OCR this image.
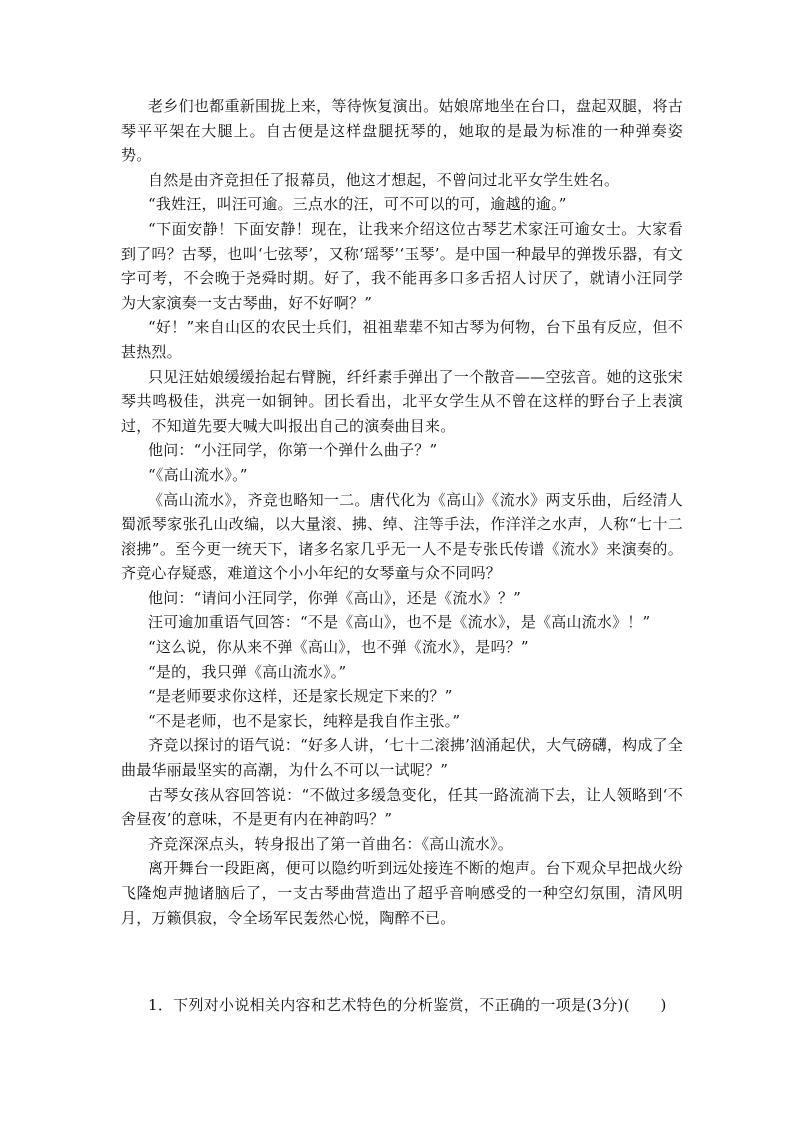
老乡们也都重新围拢上来，等待恢复演出。姑娘席地坐在台口，盘起双腿，将古琴平平架在大腿上。自古便是这样盘腿抚琴的，她取的是最为标准的一种弹奏姿势。

自然是由齐竞担任了报幕员，他这才想起，不曾问过北平女学生姓名。

“我姓汪，叫汪可逾。三点水的汪，可不可以的可，逾越的逾。”

“下面安静！下面安静！现在，让我来介绍这位古琴艺术家汪可逾女士。大家看到了吗？古琴，也叫‘七弦琴’，又称‘瑶琴’‘玉琴’。是中国一种最早的弹拨乐器，有文字可考，不会晚于尧舜时期。好了，我不能再多口多舌招人讨厌了，就请小汪同学为大家演奏一支古琴曲，好不好啊？”

“好！”来自山区的农民士兵们，祖祖辈辈不知古琴为何物，台下虽有反应，但不甚热烈。

只见汪姑娘缓缓抬起右臂腕，纤纤素手弹出了一个散音——空弦音。她的这张宋琴共鸣极佳，洪亮一如铜钟。团长看出，北平女学生从不曾在这样的野台子上表演过，不知道先要大喊大叫报出自己的演奏曲目来。

他问：“小汪同学，你第一个弹什么曲子？”

“《高山流水》。”

《高山流水》，齐竞也略知一二。唐代化为《高山》《流水》两支乐曲，后经清人蜀派琴家张孔山改编，以大量滚、拂、绰、注等手法，作洋洋之水声，人称“七十二滚拂”。至今更一统天下，诸多名家几乎无一人不是专张氏传谱《流水》来演奏的。齐竞心存疑惑，难道这个小小年纪的女琴童与众不同吗？

他问：“请问小汪同学，你弹《高山》，还是《流水》？”

汪可逾加重语气回答：“不是《高山》，也不是《流水》，是《高山流水》！”

“这么说，你从来不弹《高山》，也不弹《流水》，是吗？”

“是的，我只弹《高山流水》。”

“是老师要求你这样，还是家长规定下来的？”

“不是老师，也不是家长，纯粹是我自作主张。”

齐竞以探讨的语气说：“好多人讲，‘七十二滚拂’汹涌起伏，大气磅礴，构成了全曲最华丽最坚实的高潮，为什么不可以一试呢？”

古琴女孩从容回答说：“不做过多缓急变化，任其一路流淌下去，让人领略到‘不舍昼夜’的意味，不是更有内在神韵吗？”

齐竞深深点头，转身报出了第一首曲名：《高山流水》。

离开舞台一段距离，便可以隐约听到远处接连不断的炮声。台下观众早把战火纷飞隆炮声抛诸脑后了，一支古琴曲营造出了超乎音响感受的一种空幻氛围，清风明月，万籁俱寂，令全场军民轰然心悦，陶醉不已。

1．下列对小说相关内容和艺术特色的分析鉴赏，不正确的一项是(3分)(　　)
